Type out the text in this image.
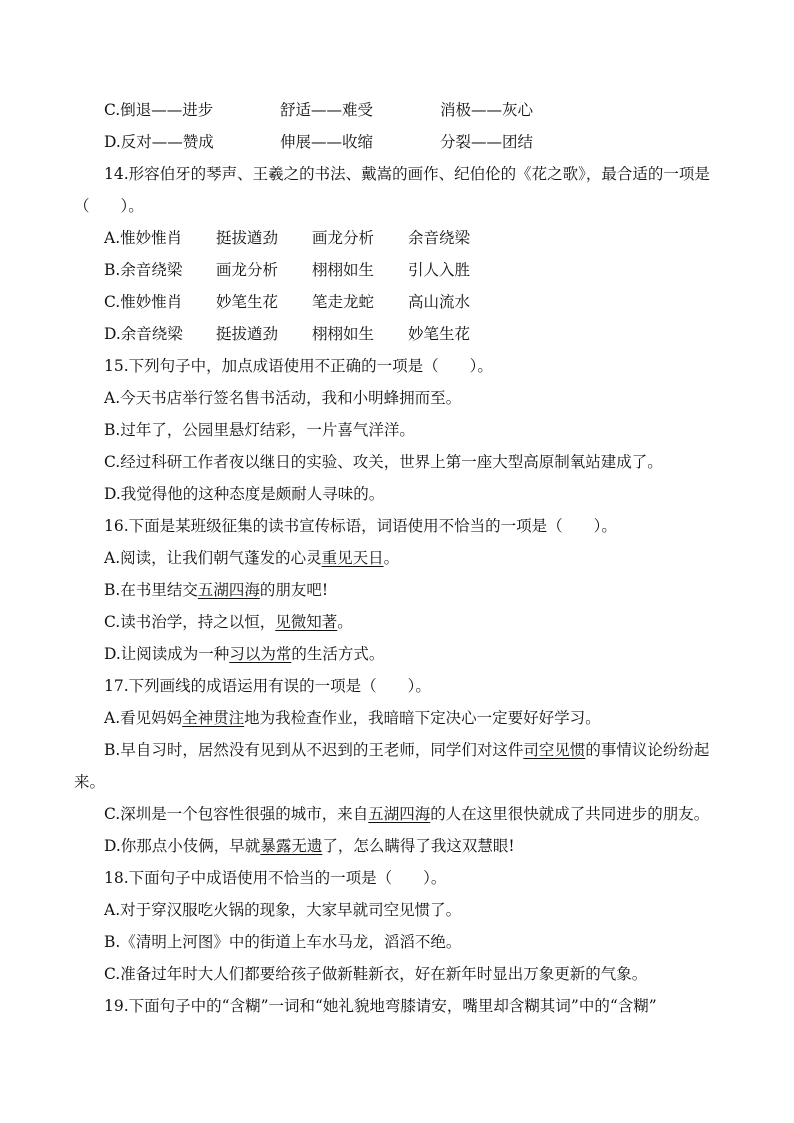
C.倒退——进步	舒适——难受	消极——灰心
D.反对——赞成	伸展——收缩	分裂——团结
14.形容伯牙的琴声、王羲之的书法、戴嵩的画作、纪伯伦的《花之歌》，最合适的一项是
（　　）。
A.惟妙惟肖 挺拔遒劲 画龙分析 余音绕梁
B.余音绕梁 画龙分析 栩栩如生 引人入胜
C.惟妙惟肖 妙笔生花 笔走龙蛇 高山流水
D.余音绕梁 挺拔遒劲 栩栩如生 妙笔生花
15.下列句子中，加点成语使用不正确的一项是（　　）。
A.今天书店举行签名售书活动，我和小明蜂拥而至。
B.过年了，公园里悬灯结彩，一片喜气洋洋。
C.经过科研工作者夜以继日的实验、攻关，世界上第一座大型高原制氧站建成了。
D.我觉得他的这种态度是颇耐人寻味的。
16.下面是某班级征集的读书宣传标语，词语使用不恰当的一项是（　　）。
A.阅读，让我们朝气蓬发的心灵重见天日。
B.在书里结交五湖四海的朋友吧!
C.读书治学，持之以恒，见微知著。
D.让阅读成为一种习以为常的生活方式。
17.下列画线的成语运用有误的一项是（　　）。
A.看见妈妈全神贯注地为我检查作业，我暗暗下定决心一定要好好学习。
B.早自习时，居然没有见到从不迟到的王老师，同学们对这件司空见惯的事情议论纷纷起
来。
C.深圳是一个包容性很强的城市，来自五湖四海的人在这里很快就成了共同进步的朋友。
D.你那点小伎俩，早就暴露无遗了，怎么瞒得了我这双慧眼!
18.下面句子中成语使用不恰当的一项是（　　）。
A.对于穿汉服吃火锅的现象，大家早就司空见惯了。
B.《清明上河图》中的街道上车水马龙，滔滔不绝。
C.准备过年时大人们都要给孩子做新鞋新衣，好在新年时显出万象更新的气象。
19.下面句子中的“含糊”一词和“她礼貌地弯膝请安，嘴里却含糊其词”中的“含糊”
